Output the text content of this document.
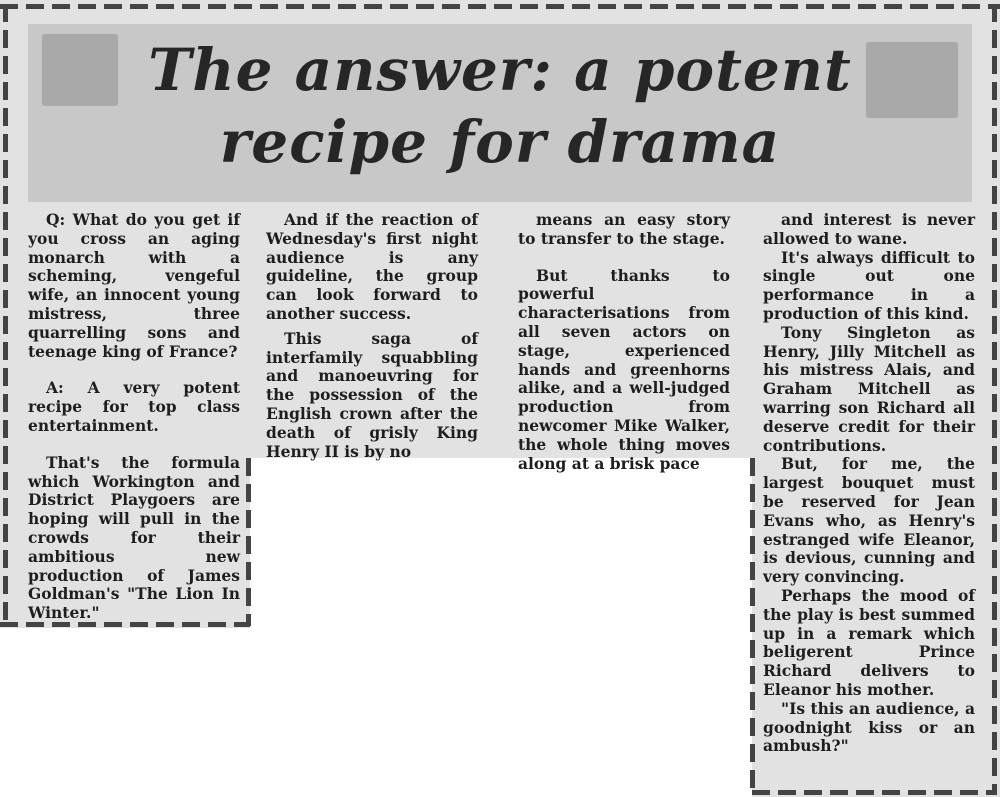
The answer: a potent
recipe for drama

Q: What do you get if you cross an aging monarch with a scheming, vengeful wife, an innocent young mistress, three quarrelling sons and teenage king of France?

A: A very potent recipe for top class entertainment.

That's the formula which Workington and District Playgoers are hoping will pull in the crowds for their ambitious new production of James Goldman's "The Lion In Winter."

And if the reaction of Wednesday's first night audience is any guideline, the group can look forward to another success.

This saga of interfamily squabbling and manoeuvring for the possession of the English crown after the death of grisly King Henry II is by no

means an easy story to transfer to the stage.

But thanks to powerful characterisations from all seven actors on stage, experienced hands and greenhorns alike, and a well-judged production from newcomer Mike Walker, the whole thing moves along at a brisk pace

and interest is never allowed to wane.

It's always difficult to single out one performance in a production of this kind.

Tony Singleton as Henry, Jilly Mitchell as his mistress Alais, and Graham Mitchell as warring son Richard all deserve credit for their contributions.

But, for me, the largest bouquet must be reserved for Jean Evans who, as Henry's estranged wife Eleanor, is devious, cunning and very convincing.

Perhaps the mood of the play is best summed up in a remark which beligerent Prince Richard delivers to Eleanor his mother.

"Is this an audience, a goodnight kiss or an ambush?"
